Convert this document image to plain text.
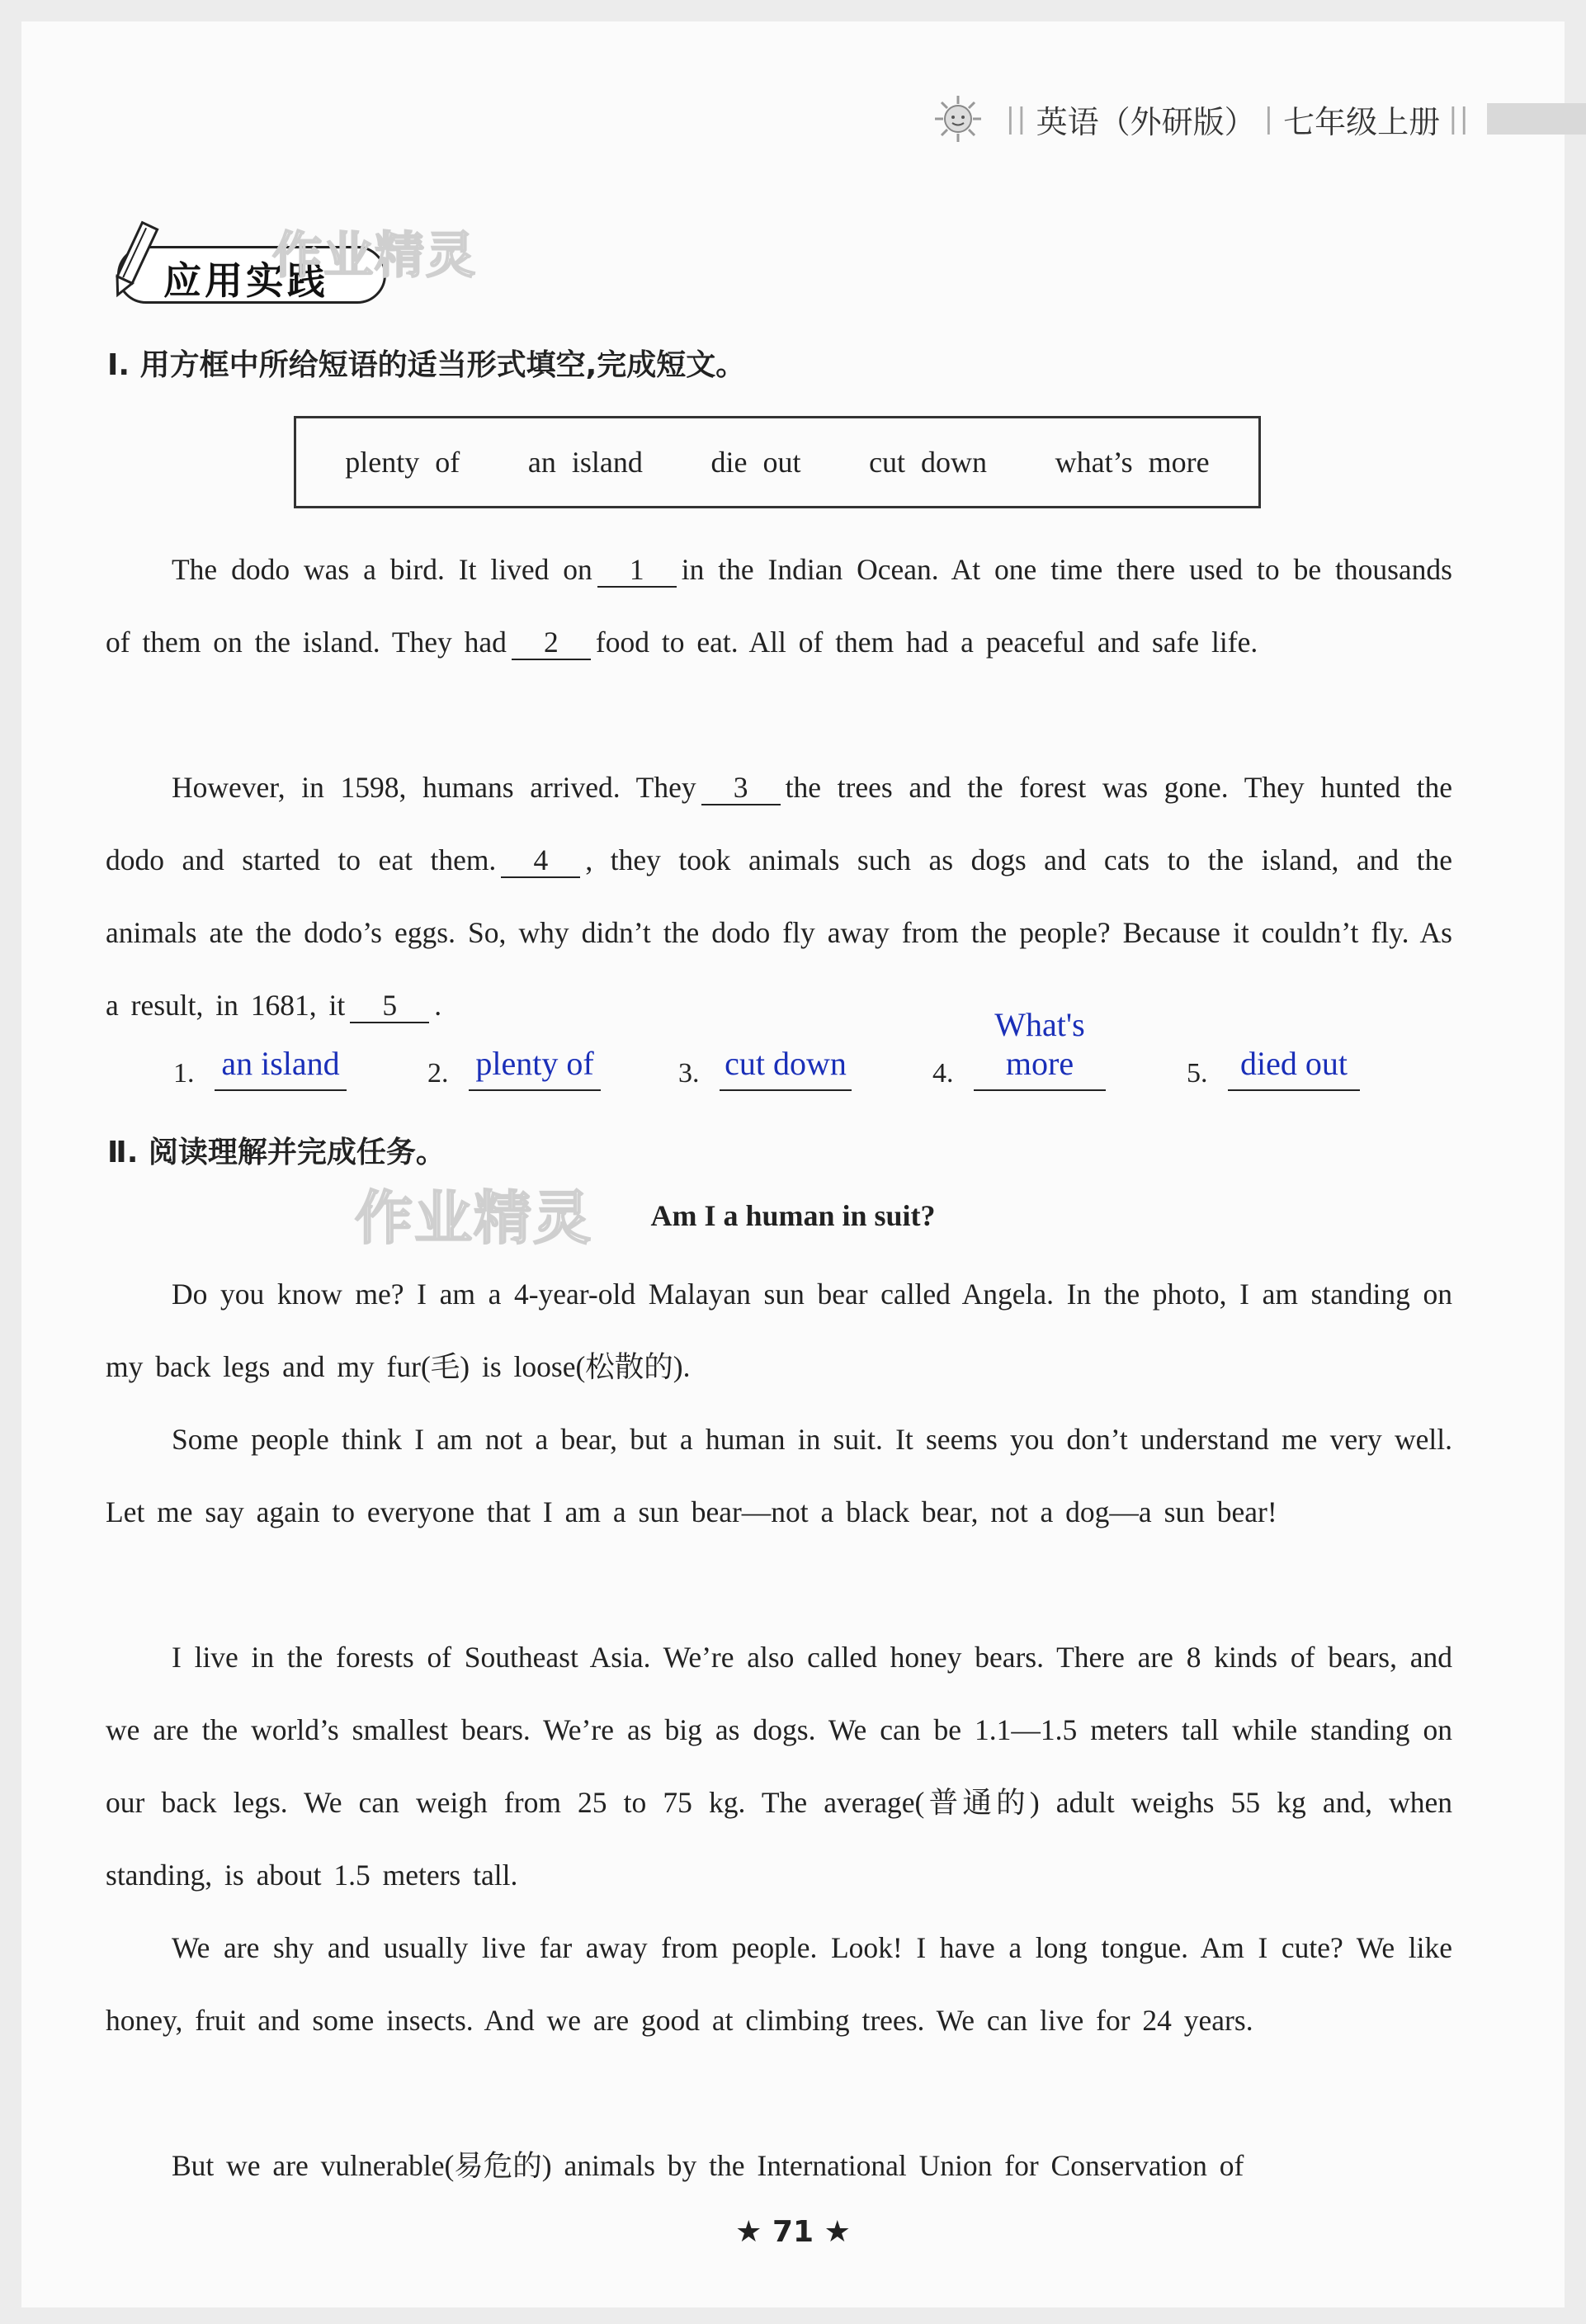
|| 英语（外研版） | 七年级上册 ||
应用实践
作业精灵
作业精灵
Ⅰ. 用方框中所给短语的适当形式填空,完成短文。
plenty of an island die out cut down what’s more
The dodo was a bird. It lived on 1 in the Indian Ocean. At one time there used to be thousands of them on the island. They had 2 food to eat. All of them had a peaceful and safe life.
However, in 1598, humans arrived. They 3 the trees and the forest was gone. They hunted the dodo and started to eat them. 4 , they took animals such as dogs and cats to the island, and the animals ate the dodo’s eggs. So, why didn’t the dodo fly away from the people? Because it couldn’t fly. As a result, in 1681, it 5 .
1. an island	2. plenty of	3. cut down	4.
What's more	5. died out
Ⅱ. 阅读理解并完成任务。
Am I a human in suit?
Do you know me? I am a 4-year-old Malayan sun bear called Angela. In the photo, I am standing on my back legs and my fur(毛) is loose(松散的).
Some people think I am not a bear, but a human in suit. It seems you don’t understand me very well. Let me say again to everyone that I am a sun bear—not a black bear, not a dog—a sun bear!
I live in the forests of Southeast Asia. We’re also called honey bears. There are 8 kinds of bears, and we are the world’s smallest bears. We’re as big as dogs. We can be 1.1—1.5 meters tall while standing on our back legs. We can weigh from 25 to 75 kg. The average(普通的) adult weighs 55 kg and, when standing, is about 1.5 meters tall.
We are shy and usually live far away from people. Look! I have a long tongue. Am I cute? We like honey, fruit and some insects. And we are good at climbing trees. We can live for 24 years.
But we are vulnerable(易危的) animals by the International Union for Conservation of
★ 71 ★
